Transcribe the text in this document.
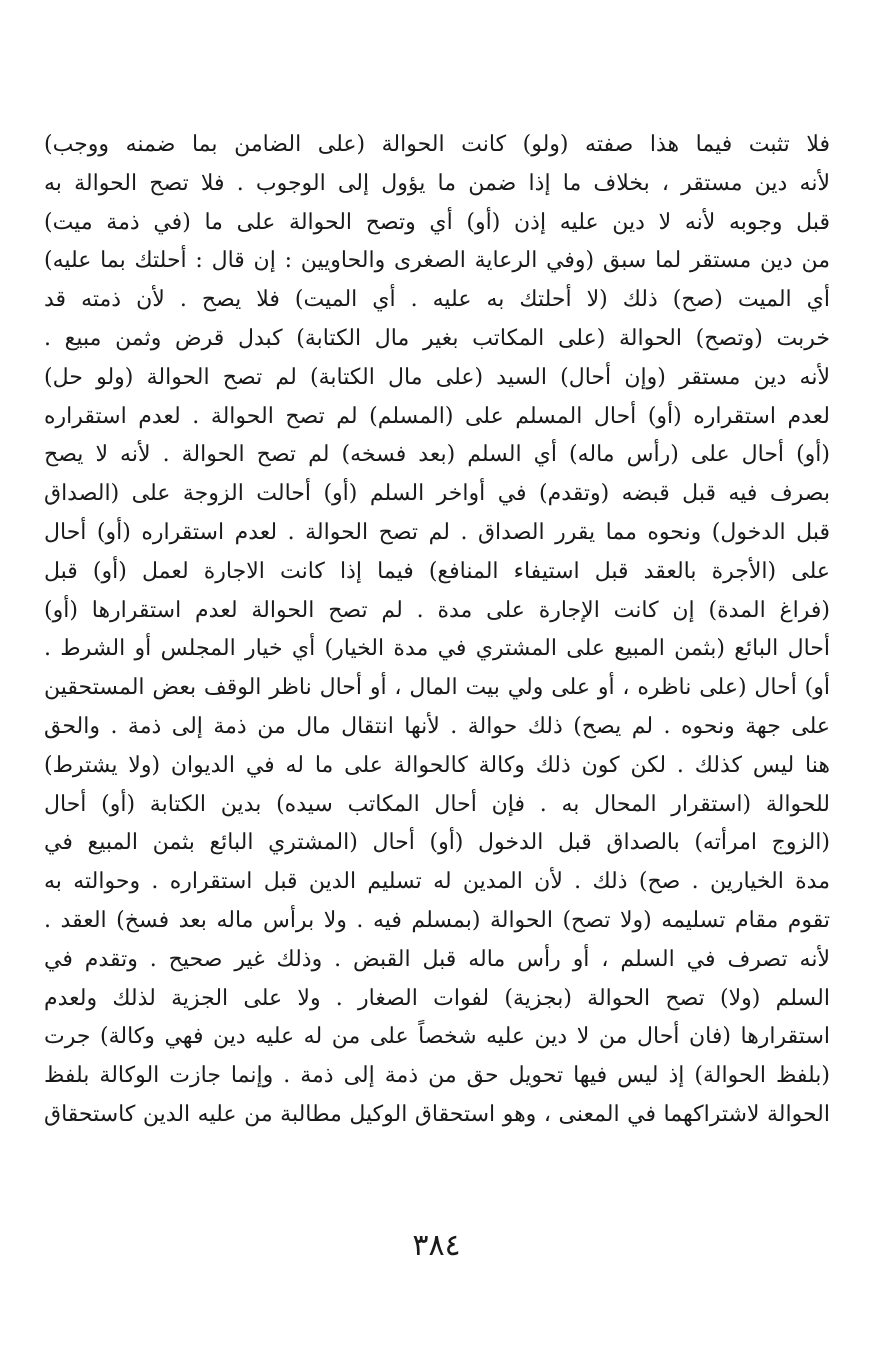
فلا تثبت فيما هذا صفته (ولو) كانت الحوالة (على الضامن بما ضمنه ووجب)
لأنه دين مستقر ، بخلاف ما إذا ضمن ما يؤول إلى الوجوب . فلا تصح الحوالة به
قبل وجوبه لأنه لا دين عليه إذن (أو) أي وتصح الحوالة على ما (في ذمة ميت)
من دين مستقر لما سبق (وفي الرعاية الصغرى والحاويين : إن قال : أحلتك بما عليه)
أي الميت (صح) ذلك (لا أحلتك به عليه . أي الميت) فلا يصح . لأن ذمته قد
خربت (وتصح) الحوالة (على المكاتب بغير مال الكتابة) كبدل قرض وثمن مبيع .
لأنه دين مستقر (وإن أحال) السيد (على مال الكتابة) لم تصح الحوالة (ولو حل)
لعدم استقراره (أو) أحال المسلم على (المسلم) لم تصح الحوالة . لعدم استقراره
(أو) أحال على (رأس ماله) أي السلم (بعد فسخه) لم تصح الحوالة . لأنه لا يصح
بصرف فيه قبل قبضه (وتقدم) في أواخر السلم (أو) أحالت الزوجة على (الصداق
قبل الدخول) ونحوه مما يقرر الصداق . لم تصح الحوالة . لعدم استقراره (أو) أحال
على (الأجرة بالعقد قبل استيفاء المنافع) فيما إذا كانت الاجارة لعمل (أو) قبل
(فراغ المدة) إن كانت الإجارة على مدة . لم تصح الحوالة لعدم استقرارها (أو)
أحال البائع (بثمن المبيع على المشتري في مدة الخيار) أي خيار المجلس أو الشرط .
أو) أحال (على ناظره ، أو على ولي بيت المال ، أو أحال ناظر الوقف بعض المستحقين
على جهة ونحوه . لم يصح) ذلك حوالة . لأنها انتقال مال من ذمة إلى ذمة . والحق
هنا ليس كذلك . لكن كون ذلك وكالة كالحوالة على ما له في الديوان (ولا يشترط)
للحوالة (استقرار المحال به . فإن أحال المكاتب سيده) بدين الكتابة (أو) أحال
(الزوج امرأته) بالصداق قبل الدخول (أو) أحال (المشتري البائع بثمن المبيع في
مدة الخيارين . صح) ذلك . لأن المدين له تسليم الدين قبل استقراره . وحوالته به
تقوم مقام تسليمه (ولا تصح) الحوالة (بمسلم فيه . ولا برأس ماله بعد فسخ) العقد .
لأنه تصرف في السلم ، أو رأس ماله قبل القبض . وذلك غير صحيح . وتقدم في
السلم (ولا) تصح الحوالة (بجزية) لفوات الصغار . ولا على الجزية لذلك ولعدم
استقرارها (فان أحال من لا دين عليه شخصاً على من له عليه دين فهي وكالة) جرت
(بلفظ الحوالة) إذ ليس فيها تحويل حق من ذمة إلى ذمة . وإنما جازت الوكالة بلفظ
الحوالة لاشتراكهما في المعنى ، وهو استحقاق الوكيل مطالبة من عليه الدين كاستحقاق
٣٨٤
